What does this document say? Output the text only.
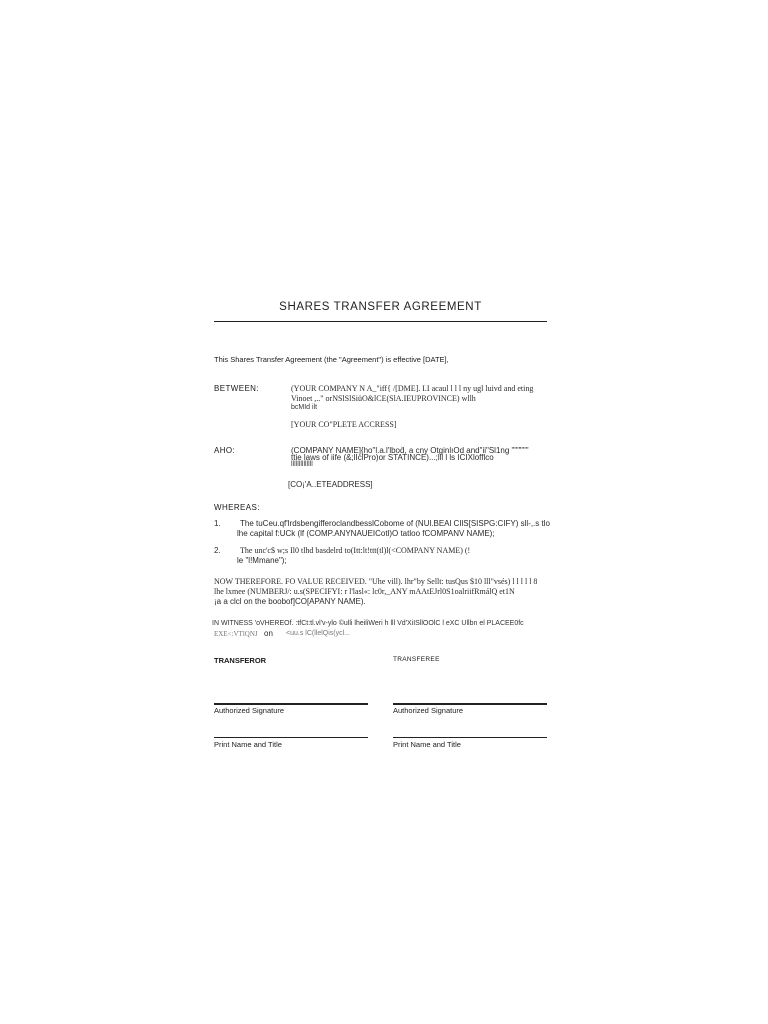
SHARES TRANSFER AGREEMENT
This Shares Transfer Agreement (the "Agreement") is effective [DATE],
BETWEEN:	(YOUR COMPANY N A_"iff{ /[DME]. I.I acaul l l l ny ugl luivd and eting
Vinoet ,.." orNSlSlSiüO&lCE(SlA.IEUPROVINCE) wllh
bcMId ilt
[YOUR CO"PLETE ACCRESS]
AHO:	(COMPANY NAME]{ho"l.a.l'lbod̀, a cny OtginlıOd and"ii"Sl1ng """"""
ttie laws of iife (&;lIclPro)or STATINCE)...;lll l ls ICIXlofflco
llllllllllllll
[CO¡'A..ETEADDRESS]
WHEREAS:
1. The tuCeu.qf'lrdsbengifferoclandbesslCobome of (NUl.BEAl CIlS[SISPG:CIFY) sll-,.s tlo
lhe capital f:UCk (lf (COMP.ANYNAUEICotl)O tatloo fCOMPANV NAME);
2. The unc'c$ w;s Il0 tlhd basdelrd to(Itt:lt!ttt(tl)l(<COMPANY NAME) (!
le "l!Mmane");
NOW THEREFORE. FO VALUE RECEIVED. "Uhe vill). lhr"by Sellt: tusQus $10 lll"vsés) l l l l l 8
lhe lxmee (NUMBERJ/: u.s(SPECIFYI: r l'lasl«: lc0r,_ANY mAAtEJrl0S1oalriifRmálQ et1N
¡a a clcl on the boobof]CO[APANY NAME).
IN WITNESS 'oVHEREOf. :tfCt:tl.vl'v-ylo ©ulli lheiliWeri h lll Vd'XiISllOOlC l eXC Ullbn el PLACEE0fc
EXE<:VTlQNJ on <uu.s lC(llelQis(ycl...
TRANSFEROR
Authorized Signature
Print Name and Title
TRANSFEREE
Authorized Signature
Print Name and Title
